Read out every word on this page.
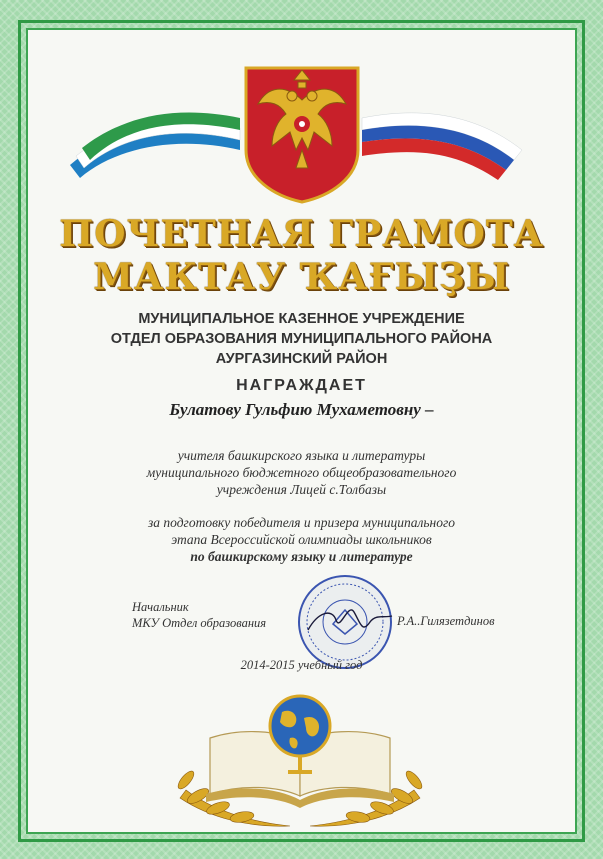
ПОЧЕТНАЯ ГРАМОТА
МАКТАУ ҠАҒЫҘЫ
МУНИЦИПАЛЬНОЕ КАЗЕННОЕ УЧРЕЖДЕНИЕ
ОТДЕЛ ОБРАЗОВАНИЯ МУНИЦИПАЛЬНОГО РАЙОНА
АУРГАЗИНСКИЙ РАЙОН
НАГРАЖДАЕТ
Булатову Гульфию Мухаметовну –
учителя башкирского языка и литературы
муниципального бюджетного общеобразовательного
учреждения Лицей с.Толбазы
за подготовку победителя и призера муниципального
этапа Всероссийской олимпиады школьников
по башкирскому языку и литературе
Начальник
МКУ Отдел образования	Р.А..Гилязетдинов
2014-2015 учебный год
